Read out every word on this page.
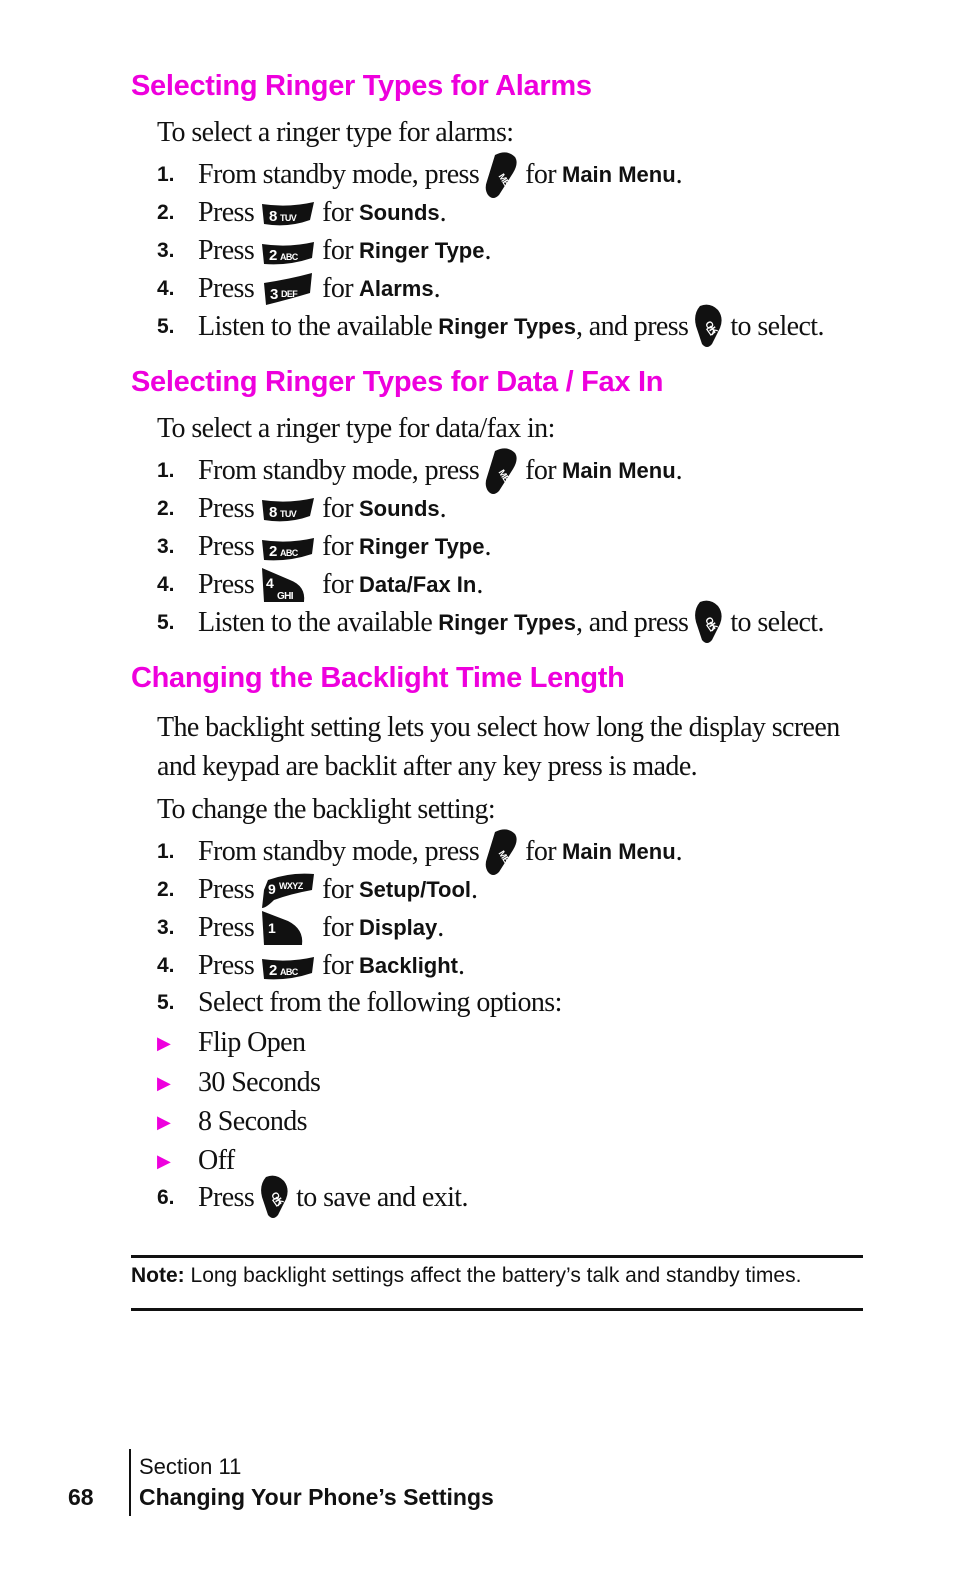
Selecting Ringer Types for Alarms
To select a ringer type for alarms:
1. From standby mode, press for Main Menu .
2. Press 8 TUV for Sounds .
3. Press 2 ABC for Ringer Type .
4. Press 3 DEF for Alarms .
5. Listen to the available Ringer Types , and press to select.
Selecting Ringer Types for Data / Fax In
To select a ringer type for data/fax in:
1. From standby mode, press for Main Menu .
2. Press 8 TUV for Sounds .
3. Press 2 ABC for Ringer Type .
4. Press 4
GHI for Data/Fax In .
5. Listen to the available Ringer Types , and press to select.
Changing the Backlight Time Length
The backlight setting lets you select how long the display screen and keypad are backlit after any key press is made.
To change the backlight setting:
1. From standby mode, press for Main Menu .
2. Press 9 WXYZ for Setup/Tool .
3. Press 1 for Display .
4. Press 2 ABC for Backlight .
5. Select from the following options:
▶ Flip Open
▶ 30 Seconds
▶ 8 Seconds
▶ Off
6. Press to save and exit.
Note: Long backlight settings affect the battery’s talk and standby times.
68
Section 11
Changing Your Phone’s Settings
